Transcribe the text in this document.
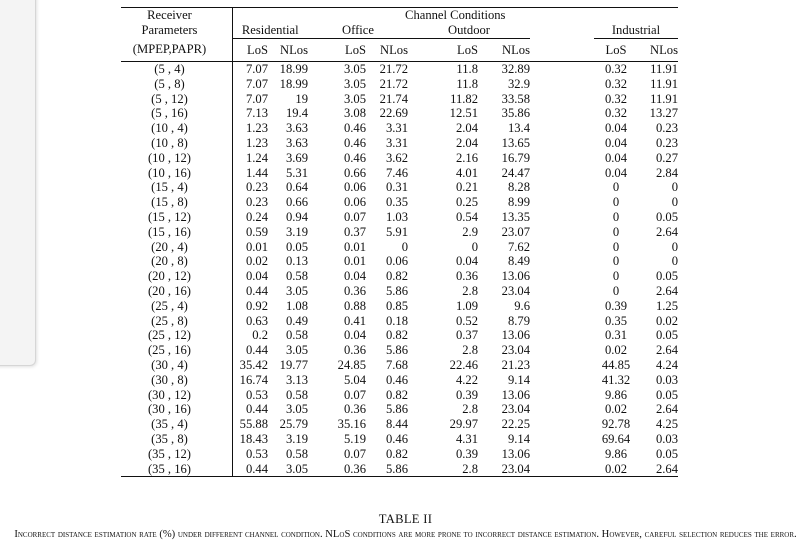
Receiver		Channel Conditions								
Parameters		Residential		Office		Outdoor			Industrial	
(MPEP,PAPR)		LoS	NLos	LoS	NLos	LoS	NLos		LoS	NLos

(5 , 4)		7.07	18.99	3.05	21.72	11.8	32.89		0.32	11.91
(5 , 8)		7.07	18.99	3.05	21.72	11.8	32.9		0.32	11.91
(5 , 12)		7.07	19	3.05	21.74	11.82	33.58		0.32	11.91
(5 , 16)		7.13	19.4	3.08	22.69	12.51	35.86		0.32	13.27
(10 , 4)		1.23	3.63	0.46	3.31	2.04	13.4		0.04	0.23
(10 , 8)		1.23	3.63	0.46	3.31	2.04	13.65		0.04	0.23
(10 , 12)		1.24	3.69	0.46	3.62	2.16	16.79		0.04	0.27
(10 , 16)		1.44	5.31	0.66	7.46	4.01	24.47		0.04	2.84
(15 , 4)		0.23	0.64	0.06	0.31	0.21	8.28		0	0
(15 , 8)		0.23	0.66	0.06	0.35	0.25	8.99		0	0
(15 , 12)		0.24	0.94	0.07	1.03	0.54	13.35		0	0.05
(15 , 16)		0.59	3.19	0.37	5.91	2.9	23.07		0	2.64
(20 , 4)		0.01	0.05	0.01	0	0	7.62		0	0
(20 , 8)		0.02	0.13	0.01	0.06	0.04	8.49		0	0
(20 , 12)		0.04	0.58	0.04	0.82	0.36	13.06		0	0.05
(20 , 16)		0.44	3.05	0.36	5.86	2.8	23.04		0	2.64
(25 , 4)		0.92	1.08	0.88	0.85	1.09	9.6		0.39	1.25
(25 , 8)		0.63	0.49	0.41	0.18	0.52	8.79		0.35	0.02
(25 , 12)		0.2	0.58	0.04	0.82	0.37	13.06		0.31	0.05
(25 , 16)		0.44	3.05	0.36	5.86	2.8	23.04		0.02	2.64
(30 , 4)		35.42	19.77	24.85	7.68	22.46	21.23		44.85	4.24
(30 , 8)		16.74	3.13	5.04	0.46	4.22	9.14		41.32	0.03
(30 , 12)		0.53	0.58	0.07	0.82	0.39	13.06		9.86	0.05
(30 , 16)		0.44	3.05	0.36	5.86	2.8	23.04		0.02	2.64
(35 , 4)		55.88	25.79	35.16	8.44	29.97	22.25		92.78	4.25
(35 , 8)		18.43	3.19	5.19	0.46	4.31	9.14		69.64	0.03
(35 , 12)		0.53	0.58	0.07	0.82	0.39	13.06		9.86	0.05
(35 , 16)		0.44	3.05	0.36	5.86	2.8	23.04		0.02	2.64

TABLE II
Incorrect distance estimation rate (%) under different channel condition. NLoS conditions are more prone to incorrect distance estimation. However, careful selection reduces the error.
